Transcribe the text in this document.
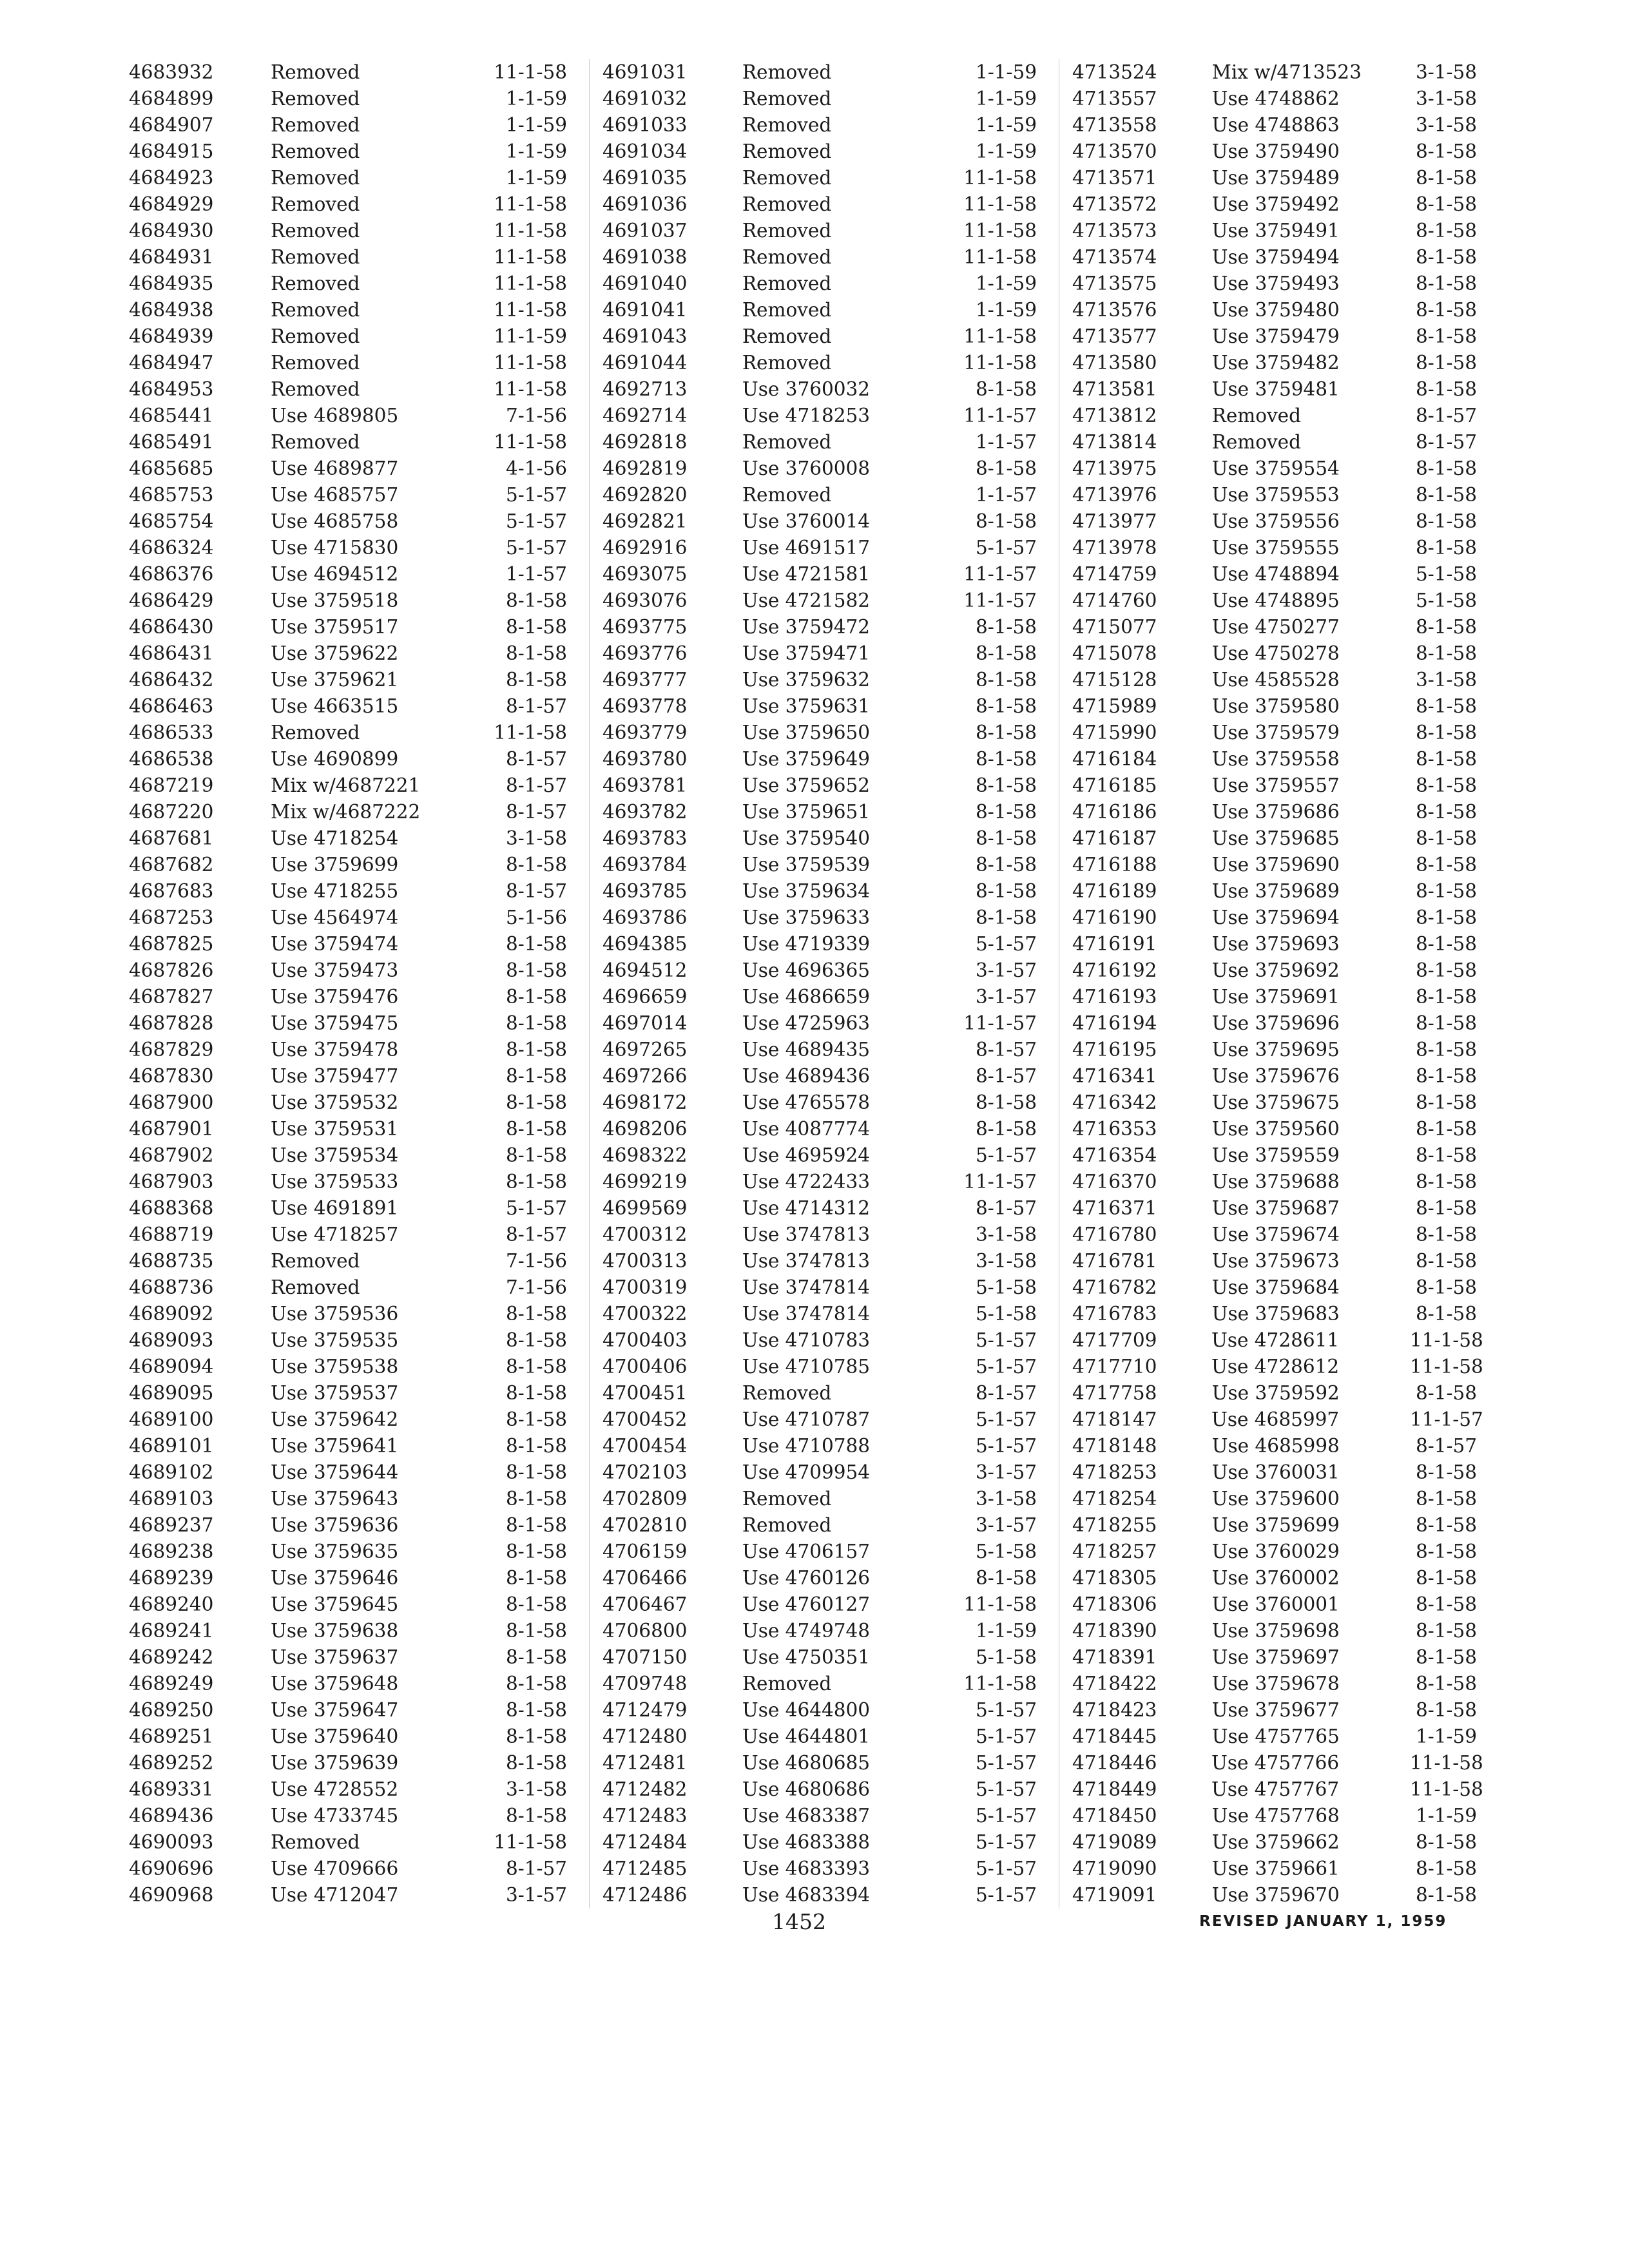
4683932	Removed	11-1-58
4684899	Removed	1-1-59
4684907	Removed	1-1-59
4684915	Removed	1-1-59
4684923	Removed	1-1-59
4684929	Removed	11-1-58
4684930	Removed	11-1-58
4684931	Removed	11-1-58
4684935	Removed	11-1-58
4684938	Removed	11-1-58
4684939	Removed	11-1-59
4684947	Removed	11-1-58
4684953	Removed	11-1-58
4685441	Use 4689805	7-1-56
4685491	Removed	11-1-58
4685685	Use 4689877	4-1-56
4685753	Use 4685757	5-1-57
4685754	Use 4685758	5-1-57
4686324	Use 4715830	5-1-57
4686376	Use 4694512	1-1-57
4686429	Use 3759518	8-1-58
4686430	Use 3759517	8-1-58
4686431	Use 3759622	8-1-58
4686432	Use 3759621	8-1-58
4686463	Use 4663515	8-1-57
4686533	Removed	11-1-58
4686538	Use 4690899	8-1-57
4687219	Mix w/4687221	8-1-57
4687220	Mix w/4687222	8-1-57
4687681	Use 4718254	3-1-58
4687682	Use 3759699	8-1-58
4687683	Use 4718255	8-1-57
4687253	Use 4564974	5-1-56
4687825	Use 3759474	8-1-58
4687826	Use 3759473	8-1-58
4687827	Use 3759476	8-1-58
4687828	Use 3759475	8-1-58
4687829	Use 3759478	8-1-58
4687830	Use 3759477	8-1-58
4687900	Use 3759532	8-1-58
4687901	Use 3759531	8-1-58
4687902	Use 3759534	8-1-58
4687903	Use 3759533	8-1-58
4688368	Use 4691891	5-1-57
4688719	Use 4718257	8-1-57
4688735	Removed	7-1-56
4688736	Removed	7-1-56
4689092	Use 3759536	8-1-58
4689093	Use 3759535	8-1-58
4689094	Use 3759538	8-1-58
4689095	Use 3759537	8-1-58
4689100	Use 3759642	8-1-58
4689101	Use 3759641	8-1-58
4689102	Use 3759644	8-1-58
4689103	Use 3759643	8-1-58
4689237	Use 3759636	8-1-58
4689238	Use 3759635	8-1-58
4689239	Use 3759646	8-1-58
4689240	Use 3759645	8-1-58
4689241	Use 3759638	8-1-58
4689242	Use 3759637	8-1-58
4689249	Use 3759648	8-1-58
4689250	Use 3759647	8-1-58
4689251	Use 3759640	8-1-58
4689252	Use 3759639	8-1-58
4689331	Use 4728552	3-1-58
4689436	Use 4733745	8-1-58
4690093	Removed	11-1-58
4690696	Use 4709666	8-1-57
4690968	Use 4712047	3-1-57
4691031	Removed	1-1-59
4691032	Removed	1-1-59
4691033	Removed	1-1-59
4691034	Removed	1-1-59
4691035	Removed	11-1-58
4691036	Removed	11-1-58
4691037	Removed	11-1-58
4691038	Removed	11-1-58
4691040	Removed	1-1-59
4691041	Removed	1-1-59
4691043	Removed	11-1-58
4691044	Removed	11-1-58
4692713	Use 3760032	8-1-58
4692714	Use 4718253	11-1-57
4692818	Removed	1-1-57
4692819	Use 3760008	8-1-58
4692820	Removed	1-1-57
4692821	Use 3760014	8-1-58
4692916	Use 4691517	5-1-57
4693075	Use 4721581	11-1-57
4693076	Use 4721582	11-1-57
4693775	Use 3759472	8-1-58
4693776	Use 3759471	8-1-58
4693777	Use 3759632	8-1-58
4693778	Use 3759631	8-1-58
4693779	Use 3759650	8-1-58
4693780	Use 3759649	8-1-58
4693781	Use 3759652	8-1-58
4693782	Use 3759651	8-1-58
4693783	Use 3759540	8-1-58
4693784	Use 3759539	8-1-58
4693785	Use 3759634	8-1-58
4693786	Use 3759633	8-1-58
4694385	Use 4719339	5-1-57
4694512	Use 4696365	3-1-57
4696659	Use 4686659	3-1-57
4697014	Use 4725963	11-1-57
4697265	Use 4689435	8-1-57
4697266	Use 4689436	8-1-57
4698172	Use 4765578	8-1-58
4698206	Use 4087774	8-1-58
4698322	Use 4695924	5-1-57
4699219	Use 4722433	11-1-57
4699569	Use 4714312	8-1-57
4700312	Use 3747813	3-1-58
4700313	Use 3747813	3-1-58
4700319	Use 3747814	5-1-58
4700322	Use 3747814	5-1-58
4700403	Use 4710783	5-1-57
4700406	Use 4710785	5-1-57
4700451	Removed	8-1-57
4700452	Use 4710787	5-1-57
4700454	Use 4710788	5-1-57
4702103	Use 4709954	3-1-57
4702809	Removed	3-1-58
4702810	Removed	3-1-57
4706159	Use 4706157	5-1-58
4706466	Use 4760126	8-1-58
4706467	Use 4760127	11-1-58
4706800	Use 4749748	1-1-59
4707150	Use 4750351	5-1-58
4709748	Removed	11-1-58
4712479	Use 4644800	5-1-57
4712480	Use 4644801	5-1-57
4712481	Use 4680685	5-1-57
4712482	Use 4680686	5-1-57
4712483	Use 4683387	5-1-57
4712484	Use 4683388	5-1-57
4712485	Use 4683393	5-1-57
4712486	Use 4683394	5-1-57
4713524	Mix w/4713523	3-1-58
4713557	Use 4748862	3-1-58
4713558	Use 4748863	3-1-58
4713570	Use 3759490	8-1-58
4713571	Use 3759489	8-1-58
4713572	Use 3759492	8-1-58
4713573	Use 3759491	8-1-58
4713574	Use 3759494	8-1-58
4713575	Use 3759493	8-1-58
4713576	Use 3759480	8-1-58
4713577	Use 3759479	8-1-58
4713580	Use 3759482	8-1-58
4713581	Use 3759481	8-1-58
4713812	Removed	8-1-57
4713814	Removed	8-1-57
4713975	Use 3759554	8-1-58
4713976	Use 3759553	8-1-58
4713977	Use 3759556	8-1-58
4713978	Use 3759555	8-1-58
4714759	Use 4748894	5-1-58
4714760	Use 4748895	5-1-58
4715077	Use 4750277	8-1-58
4715078	Use 4750278	8-1-58
4715128	Use 4585528	3-1-58
4715989	Use 3759580	8-1-58
4715990	Use 3759579	8-1-58
4716184	Use 3759558	8-1-58
4716185	Use 3759557	8-1-58
4716186	Use 3759686	8-1-58
4716187	Use 3759685	8-1-58
4716188	Use 3759690	8-1-58
4716189	Use 3759689	8-1-58
4716190	Use 3759694	8-1-58
4716191	Use 3759693	8-1-58
4716192	Use 3759692	8-1-58
4716193	Use 3759691	8-1-58
4716194	Use 3759696	8-1-58
4716195	Use 3759695	8-1-58
4716341	Use 3759676	8-1-58
4716342	Use 3759675	8-1-58
4716353	Use 3759560	8-1-58
4716354	Use 3759559	8-1-58
4716370	Use 3759688	8-1-58
4716371	Use 3759687	8-1-58
4716780	Use 3759674	8-1-58
4716781	Use 3759673	8-1-58
4716782	Use 3759684	8-1-58
4716783	Use 3759683	8-1-58
4717709	Use 4728611	11-1-58
4717710	Use 4728612	11-1-58
4717758	Use 3759592	8-1-58
4718147	Use 4685997	11-1-57
4718148	Use 4685998	8-1-57
4718253	Use 3760031	8-1-58
4718254	Use 3759600	8-1-58
4718255	Use 3759699	8-1-58
4718257	Use 3760029	8-1-58
4718305	Use 3760002	8-1-58
4718306	Use 3760001	8-1-58
4718390	Use 3759698	8-1-58
4718391	Use 3759697	8-1-58
4718422	Use 3759678	8-1-58
4718423	Use 3759677	8-1-58
4718445	Use 4757765	1-1-59
4718446	Use 4757766	11-1-58
4718449	Use 4757767	11-1-58
4718450	Use 4757768	1-1-59
4719089	Use 3759662	8-1-58
4719090	Use 3759661	8-1-58
4719091	Use 3759670	8-1-58
1452	REVISED JANUARY 1, 1959
